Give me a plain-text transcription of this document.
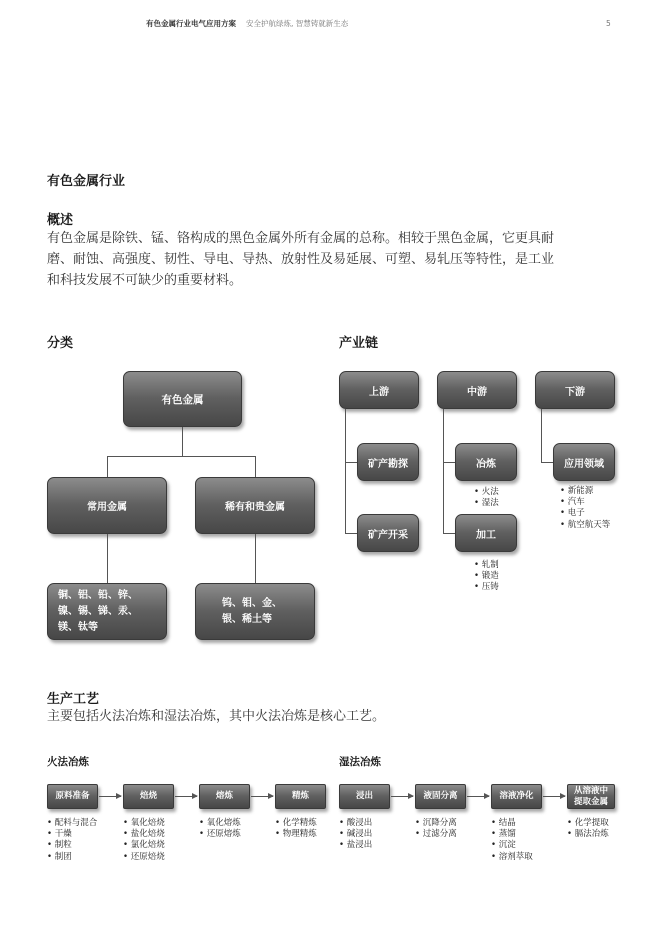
有色金属行业电气应用方案 安全护航绿炼, 智慧铸就新生态	5
有色金属行业
概述
有色金属是除铁、锰、铬构成的黑色金属外所有金属的总称。相较于黑色金属，它更具耐
磨、耐蚀、高强度、韧性、导电、导热、放射性及易延展、可塑、易轧压等特性，是工业
和科技发展不可缺少的重要材料。
分类
有色金属
常用金属	稀有和贵金属
铜、铝、铅、锌、
镍、锡、锑、汞、
镁、钛等
钨、钼、金、
银、稀土等
产业链
上游	中游	下游
矿产勘探
矿产开采
冶炼
• 火法
• 湿法
加工
• 轧制
• 锻造
• 压铸
应用领域
• 新能源
• 汽车
• 电子
• 航空航天等
生产工艺
主要包括火法冶炼和湿法冶炼，其中火法冶炼是核心工艺。
火法冶炼	湿法冶炼
原料准备	焙烧	熔炼	精炼
• 配料与混合
• 干燥
• 制粒
• 制团
• 氧化焙烧
• 盐化焙烧
• 氯化焙烧
• 还原焙烧
• 氧化熔炼
• 还原熔炼
• 化学精炼
• 物理精炼
浸出	液固分离	溶液净化
从溶液中
提取金属
• 酸浸出
• 碱浸出
• 盐浸出
• 沉降分离
• 过滤分离
• 结晶
• 蒸馏
• 沉淀
• 溶剂萃取
• 化学提取
• 膈法冶炼
